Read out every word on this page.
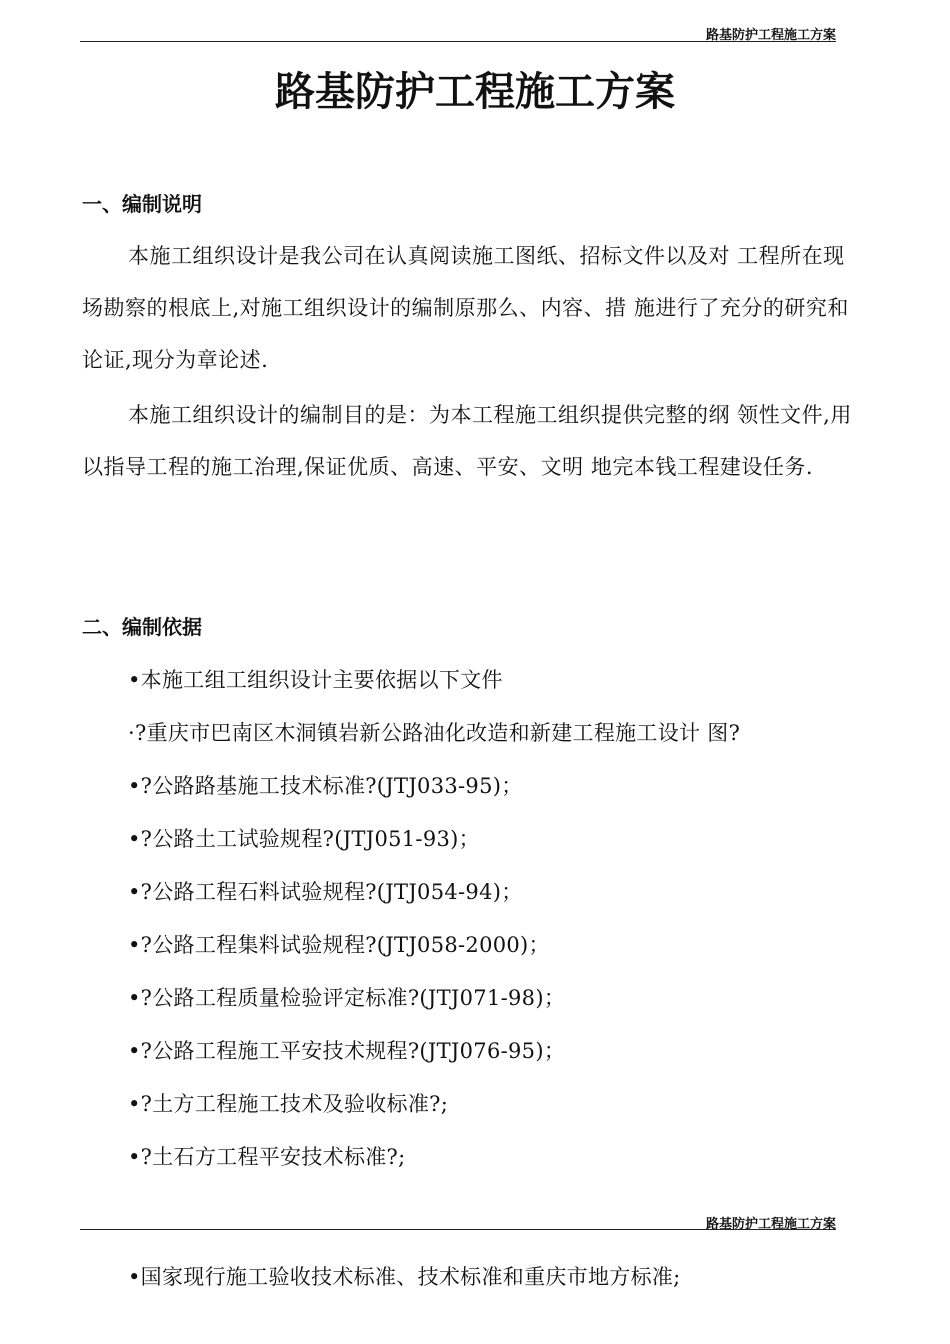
路基防护工程施工方案
路基防护工程施工方案
一、编制说明

本施工组织设计是我公司在认真阅读施工图纸、招标文件以及对 工程所在现场勘察的根底上,对施工组织设计的编制原那么、内容、措 施进行了充分的研究和论证,现分为章论述.

本施工组织设计的编制目的是：为本工程施工组织提供完整的纲 领性文件,用以指导工程的施工治理,保证优质、高速、平安、文明 地完本钱工程建设任务.

二、编制依据

•本施工组工组织设计主要依据以下文件

·?重庆市巴南区木洞镇岩新公路油化改造和新建工程施工设计 图?

•?公路路基施工技术标准?(JTJ033-95)；

•?公路土工试验规程?(JTJ051-93)；

•?公路工程石料试验规程?(JTJ054-94)；

•?公路工程集料试验规程?(JTJ058-2000)；

•?公路工程质量检验评定标准?(JTJ071-98)；

•?公路工程施工平安技术规程?(JTJ076-95)；

•?土方工程施工技术及验收标准?;

•?土石方工程平安技术标准?;

路基防护工程施工方案

•国家现行施工验收技术标准、技术标准和重庆市地方标准;
